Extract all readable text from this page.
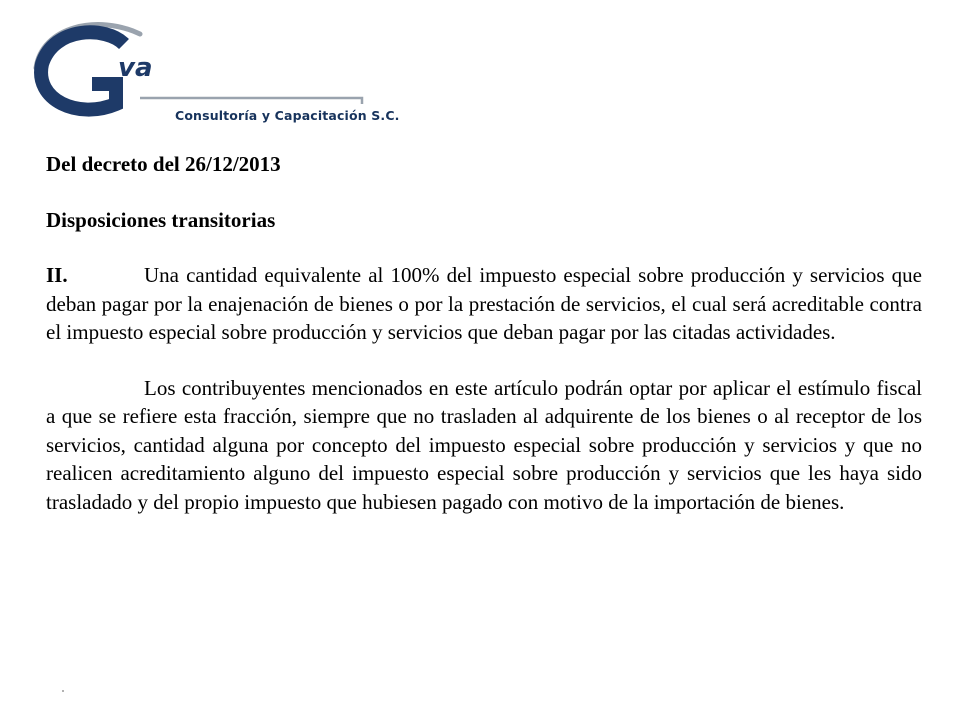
va
Consultoría y Capacitación S.C.

Del decreto del 26/12/2013

Disposiciones transitorias

II.	Una cantidad equivalente al 100% del impuesto especial sobre producción y servicios que deban pagar por la enajenación de bienes o por la prestación de servicios, el cual será acreditable contra el impuesto especial sobre producción y servicios que deban pagar por las citadas actividades.

Los contribuyentes mencionados en este artículo podrán optar por aplicar el estímulo fiscal a que se refiere esta fracción, siempre que no trasladen al adquirente de los bienes o al receptor de los servicios, cantidad alguna por concepto del impuesto especial sobre producción y servicios y que no realicen acreditamiento alguno del impuesto especial sobre producción y servicios que les haya sido trasladado y del propio impuesto que hubiesen pagado con motivo de la importación de bienes.
